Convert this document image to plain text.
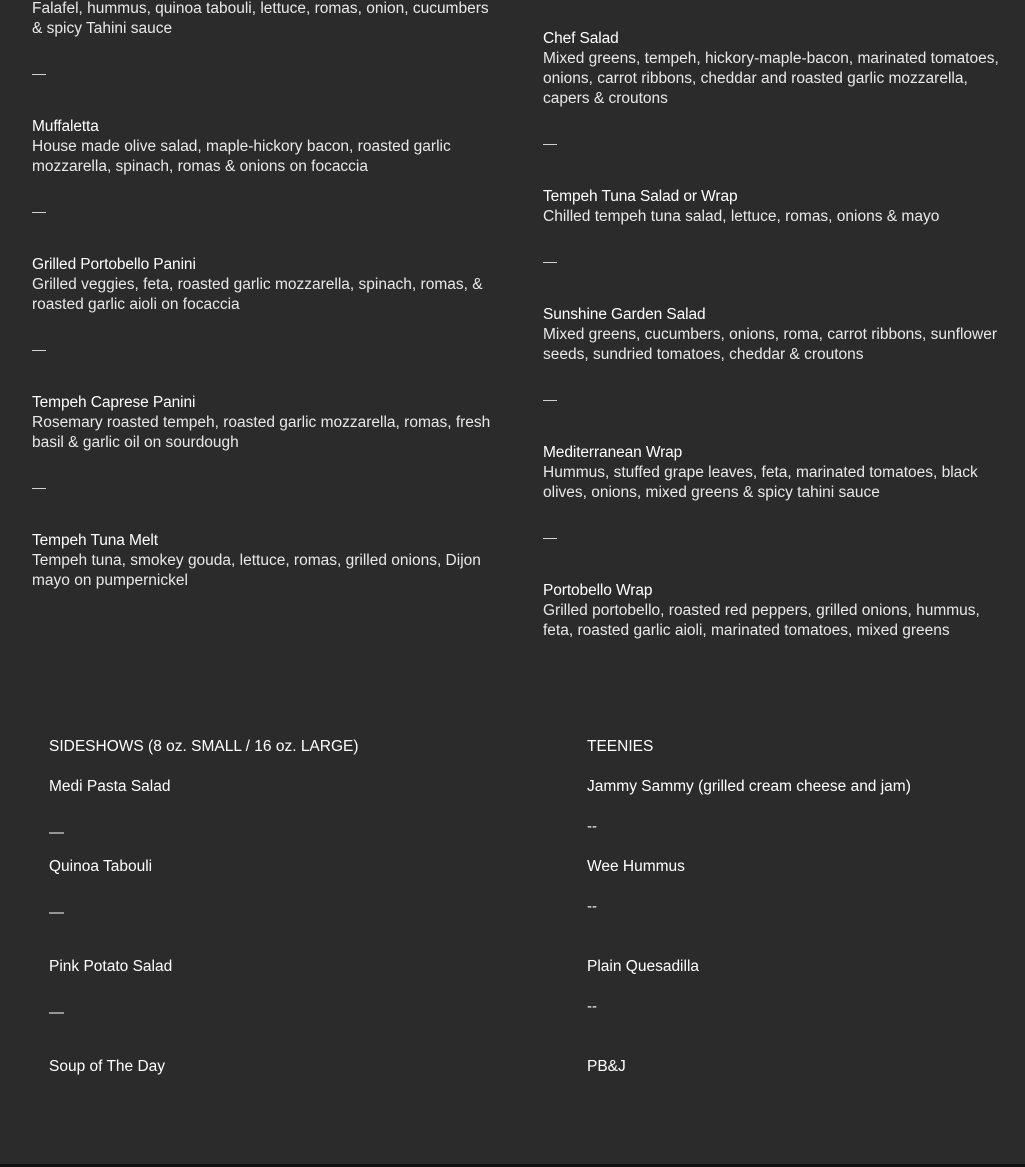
Falafel, hummus, quinoa tabouli, lettuce, romas, onion, cucumbers & spicy Tahini sauce
—
Muffaletta
House made olive salad, maple-hickory bacon, roasted garlic mozzarella, spinach, romas & onions on focaccia
—
Grilled Portobello Panini
Grilled veggies, feta, roasted garlic mozzarella, spinach, romas, & roasted garlic aioli on focaccia
—
Tempeh Caprese Panini
Rosemary roasted tempeh, roasted garlic mozzarella, romas, fresh basil & garlic oil on sourdough
—
Tempeh Tuna Melt
Tempeh tuna, smokey gouda, lettuce, romas, grilled onions, Dijon mayo on pumpernickel
Chef Salad
Mixed greens, tempeh, hickory-maple-bacon, marinated tomatoes, onions, carrot ribbons, cheddar and roasted garlic mozzarella, capers & croutons
—
Tempeh Tuna Salad or Wrap
Chilled tempeh tuna salad, lettuce, romas, onions & mayo
—
Sunshine Garden Salad
Mixed greens, cucumbers, onions, roma, carrot ribbons, sunflower seeds, sundried tomatoes, cheddar & croutons
—
Mediterranean Wrap
Hummus, stuffed grape leaves, feta, marinated tomatoes, black olives, onions, mixed greens & spicy tahini sauce
—
Portobello Wrap
Grilled portobello, roasted red peppers, grilled onions, hummus, feta, roasted garlic aioli, marinated tomatoes, mixed greens
SIDESHOWS (8 oz. SMALL / 16 oz. LARGE)
Medi Pasta Salad
—
Quinoa Tabouli
—
Pink Potato Salad
—
Soup of The Day
TEENIES
Jammy Sammy (grilled cream cheese and jam)
--
Wee Hummus
--
Plain Quesadilla
--
PB&J
